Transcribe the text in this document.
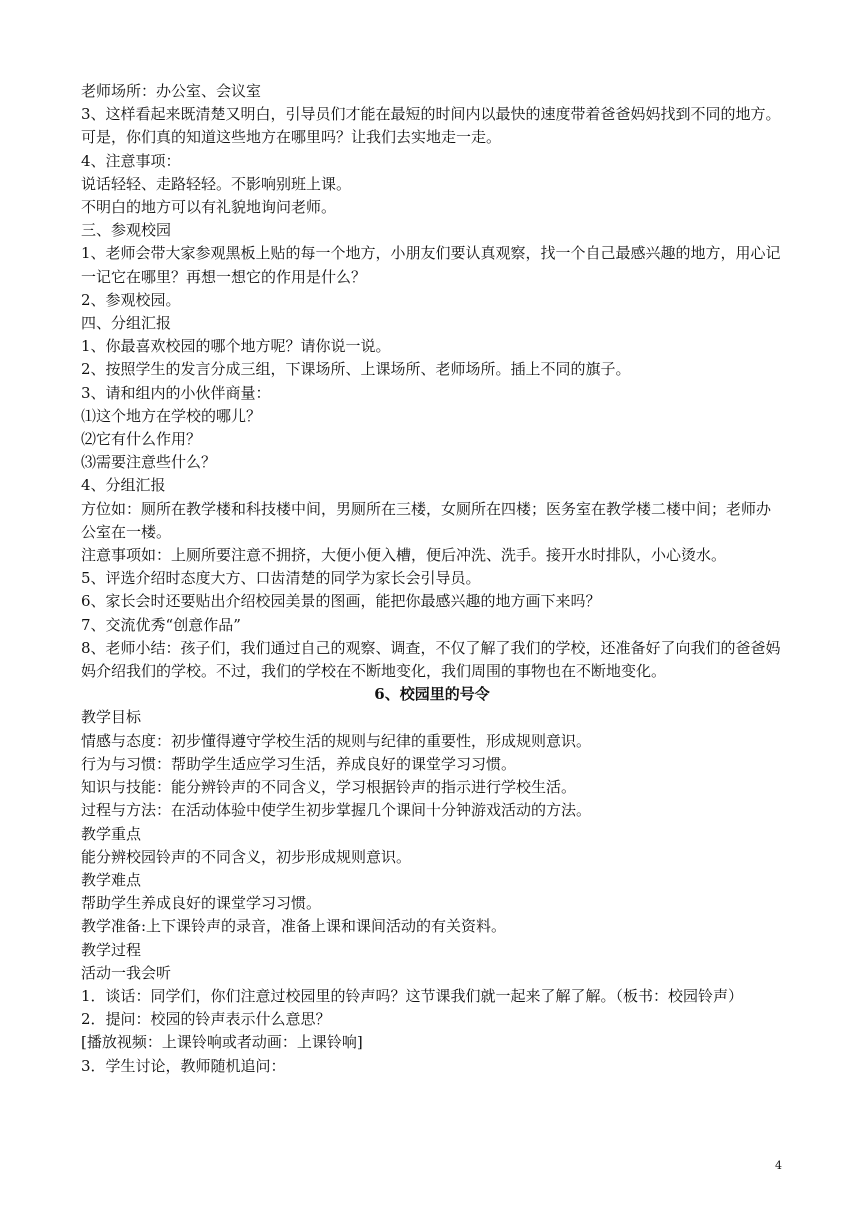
老师场所：办公室、会议室
3、这样看起来既清楚又明白，引导员们才能在最短的时间内以最快的速度带着爸爸妈妈找到不同的地方。可是，你们真的知道这些地方在哪里吗？让我们去实地走一走。
4、注意事项：
说话轻轻、走路轻轻。不影响别班上课。
不明白的地方可以有礼貌地询问老师。
三、参观校园
1、老师会带大家参观黑板上贴的每一个地方，小朋友们要认真观察，找一个自己最感兴趣的地方，用心记一记它在哪里？再想一想它的作用是什么？
2、参观校园。
四、分组汇报
1、你最喜欢校园的哪个地方呢？请你说一说。
2、按照学生的发言分成三组，下课场所、上课场所、老师场所。插上不同的旗子。
3、请和组内的小伙伴商量：
⑴这个地方在学校的哪儿？
⑵它有什么作用？
⑶需要注意些什么？
4、分组汇报
方位如：厕所在教学楼和科技楼中间，男厕所在三楼，女厕所在四楼；医务室在教学楼二楼中间；老师办公室在一楼。
注意事项如：上厕所要注意不拥挤，大便小便入槽，便后冲洗、洗手。接开水时排队，小心烫水。
5、评选介绍时态度大方、口齿清楚的同学为家长会引导员。
6、家长会时还要贴出介绍校园美景的图画，能把你最感兴趣的地方画下来吗？
7、交流优秀“创意作品”
8、老师小结：孩子们，我们通过自己的观察、调查，不仅了解了我们的学校，还准备好了向我们的爸爸妈妈介绍我们的学校。不过，我们的学校在不断地变化，我们周围的事物也在不断地变化。
6、校园里的号令
教学目标
情感与态度：初步懂得遵守学校生活的规则与纪律的重要性，形成规则意识。
行为与习惯：帮助学生适应学习生活，养成良好的课堂学习习惯。
知识与技能：能分辨铃声的不同含义，学习根据铃声的指示进行学校生活。
过程与方法：在活动体验中使学生初步掌握几个课间十分钟游戏活动的方法。
教学重点
能分辨校园铃声的不同含义，初步形成规则意识。
教学难点
帮助学生养成良好的课堂学习习惯。
教学准备:上下课铃声的录音，准备上课和课间活动的有关资料。
教学过程
活动一我会听
1．谈话：同学们，你们注意过校园里的铃声吗？这节课我们就一起来了解了解。（板书：校园铃声）
2．提问：校园的铃声表示什么意思？
[播放视频：上课铃响或者动画：上课铃响]
3．学生讨论，教师随机追问：
4
